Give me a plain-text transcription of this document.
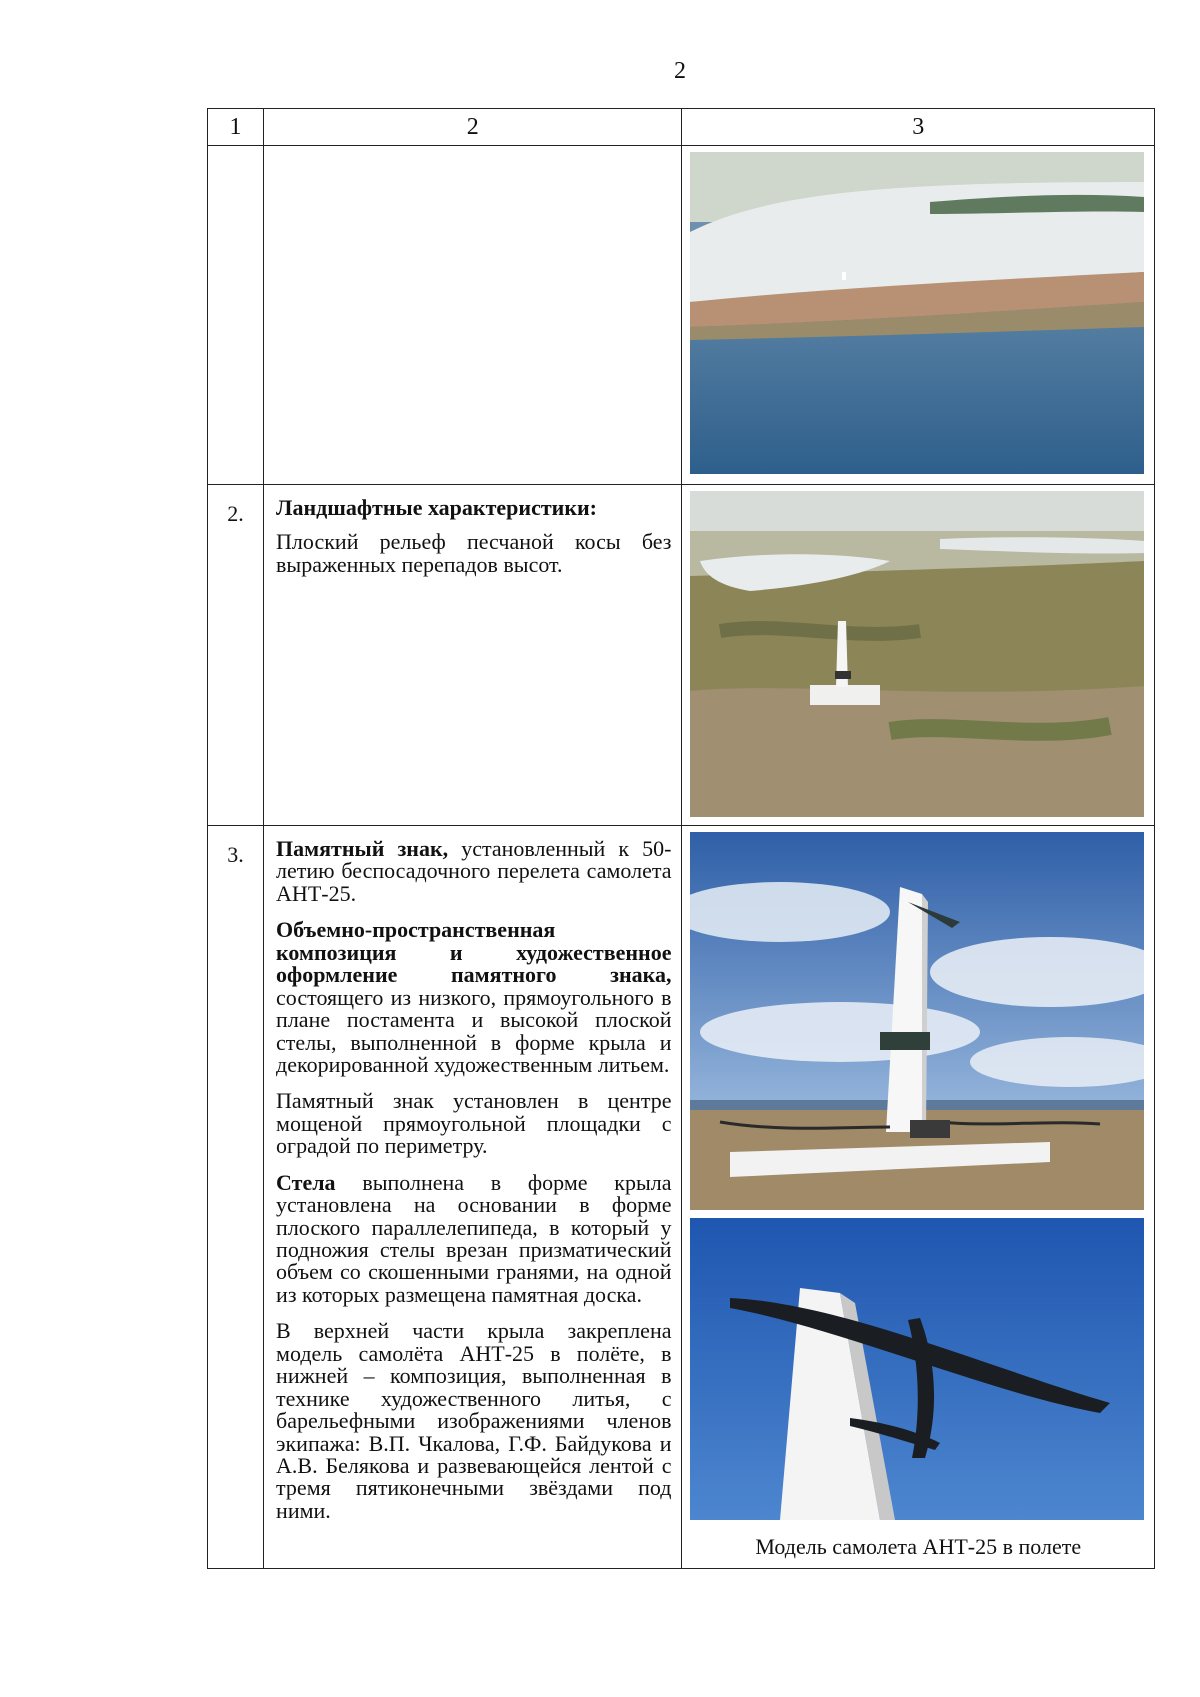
2
1	2	3

2.	Ландшафтные характеристики:

Плоский рельеф песчаной косы без выраженных перепадов высот.

3.	Памятный знак, установленный к 50-летию беспосадочного перелета самолета АНТ-25.

Объемно-пространственная композиция и художественное оформление памятного знака, состоящего из низкого, прямоугольного в плане постамента и высокой плоской стелы, выполненной в форме крыла и декорированной художественным литьем.

Памятный знак установлен в центре мощеной прямоугольной площадки с оградой по периметру.

Стела выполнена в форме крыла установлена на основании в форме плоского параллелепипеда, в который у подножия стелы врезан призматический объем со скошенными гранями, на одной из которых размещена памятная доска.

В верхней части крыла закреплена модель самолёта АНТ-25 в полёте, в нижней – композиция, выполненная в технике художественного литья, с барельефными изображениями членов экипажа: В.П. Чкалова, Г.Ф. Байдукова и А.В. Белякова и развевающейся лентой с тремя пятиконечными звёздами под ними.	Модель самолета АНТ-25 в полете
